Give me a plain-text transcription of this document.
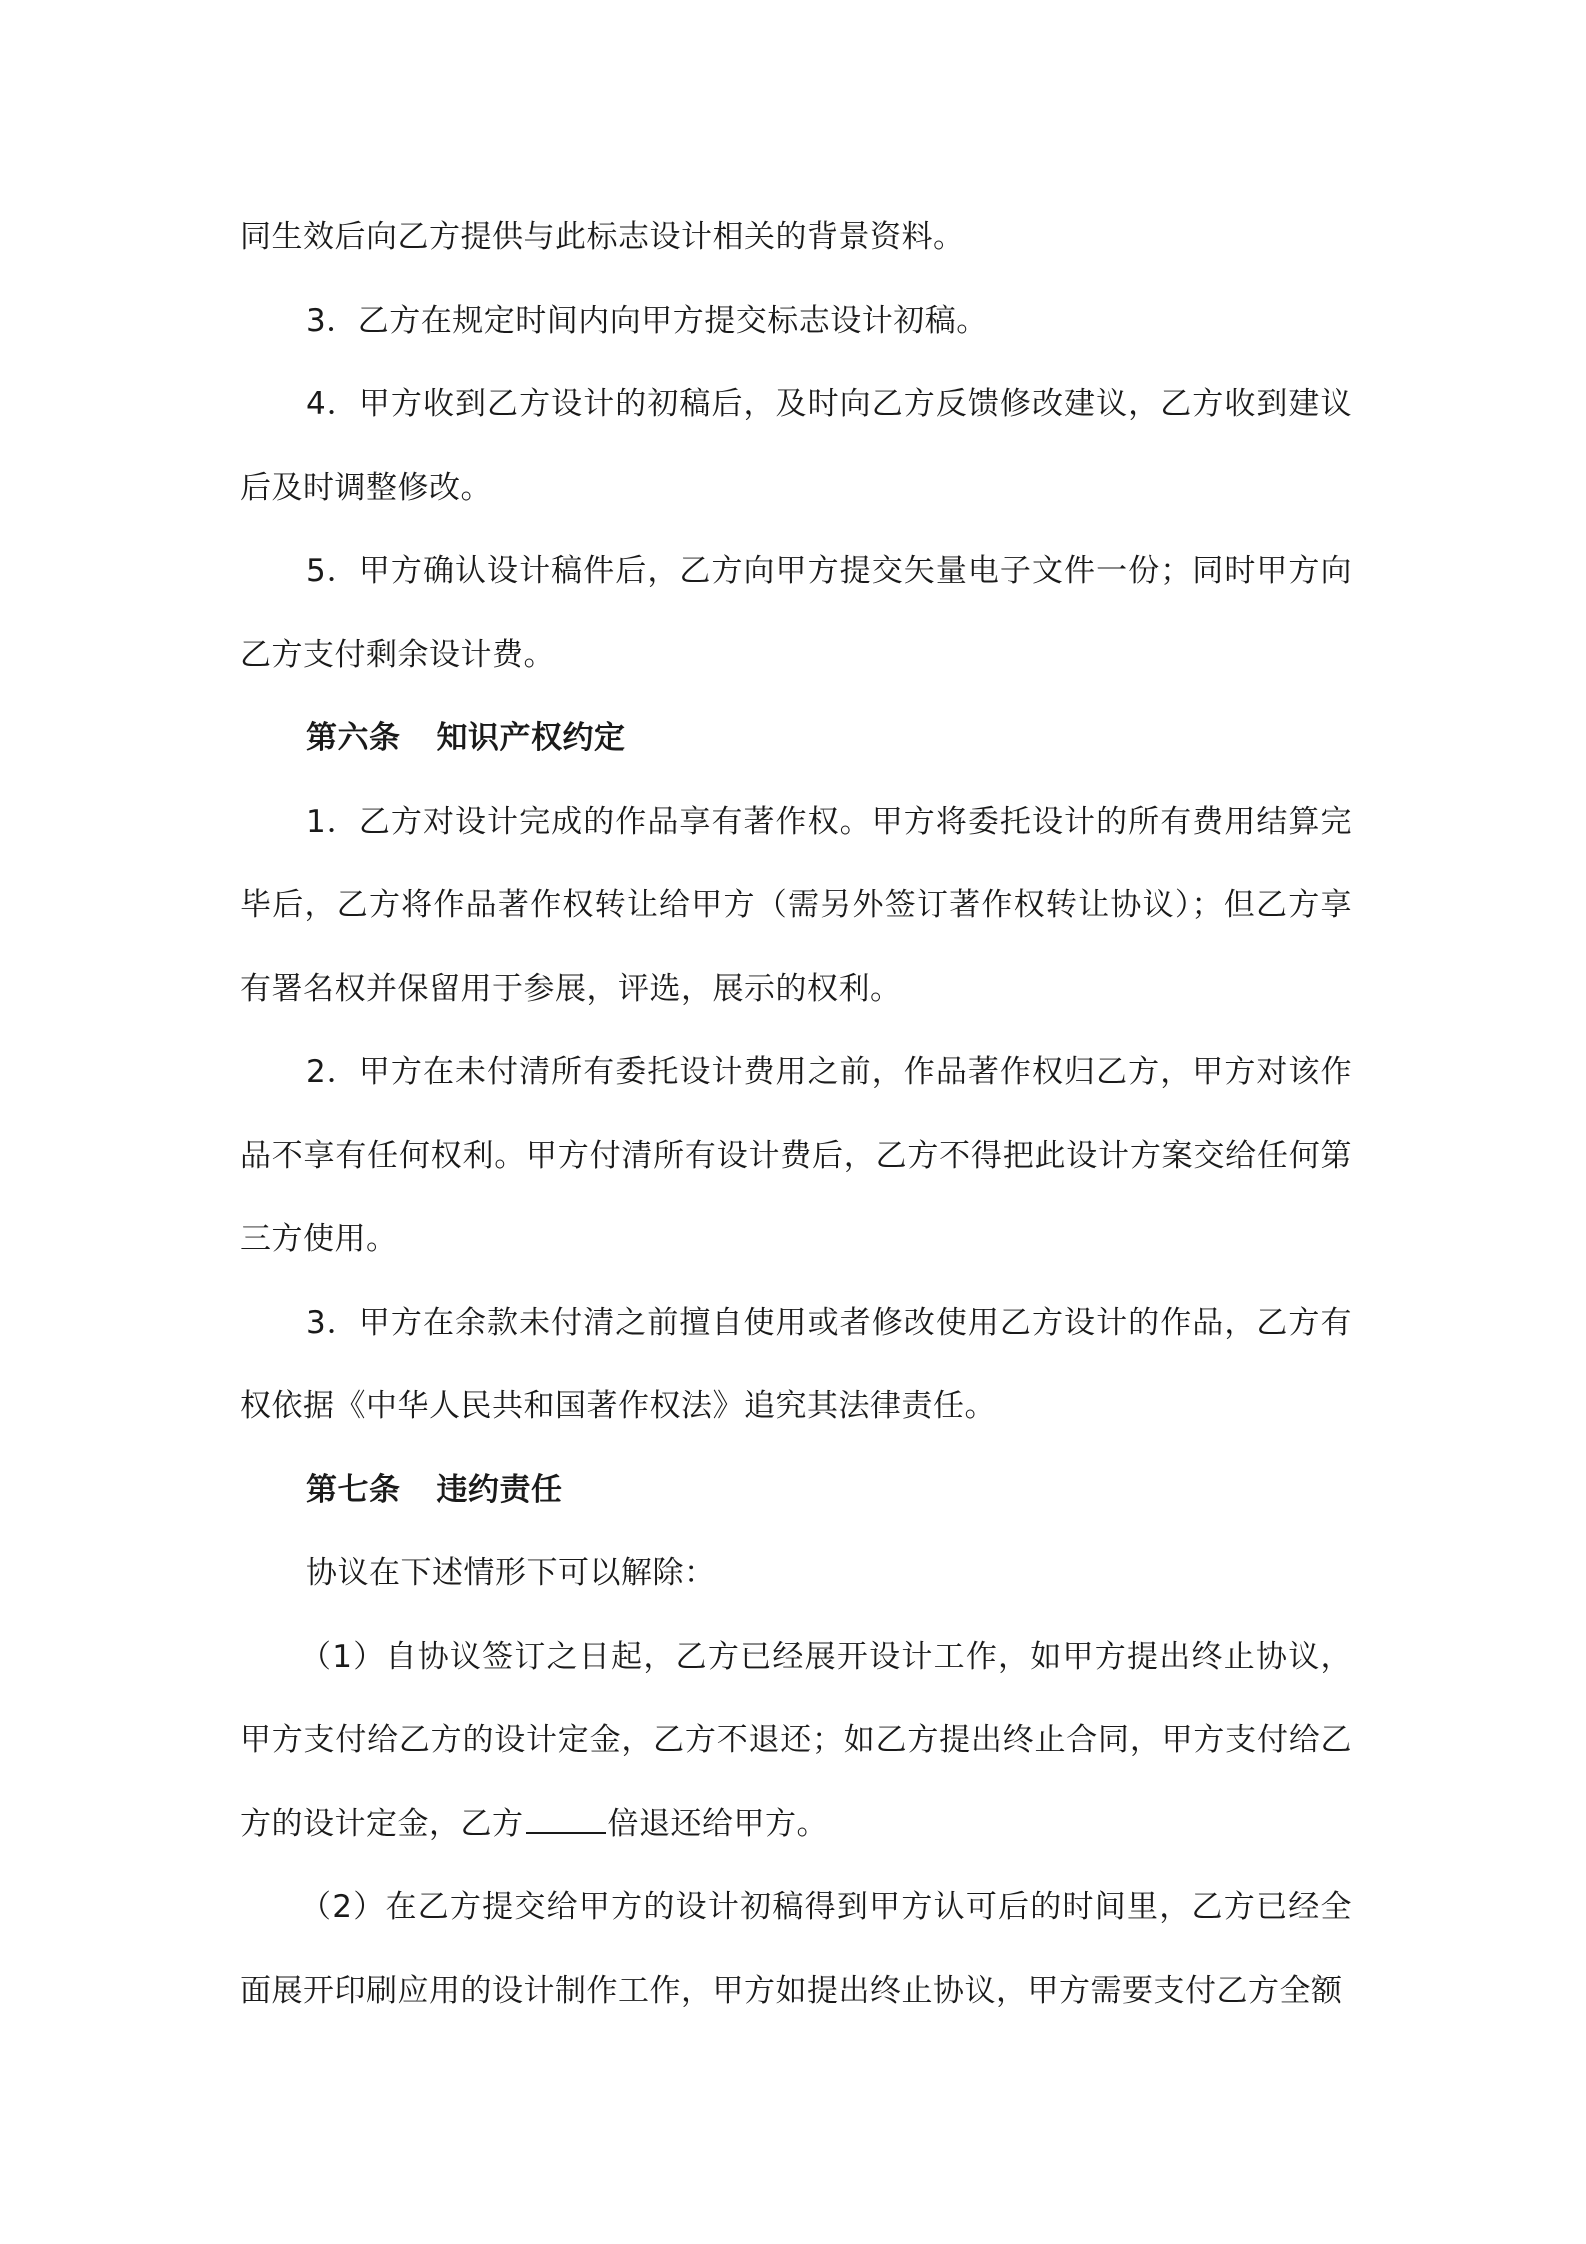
同生效后向乙方提供与此标志设计相关的背景资料。

3．乙方在规定时间内向甲方提交标志设计初稿。

4．甲方收到乙方设计的初稿后，及时向乙方反馈修改建议，乙方收到建议后及时调整修改。

5．甲方确认设计稿件后，乙方向甲方提交矢量电子文件一份；同时甲方向乙方支付剩余设计费。

第六条 知识产权约定

1．乙方对设计完成的作品享有著作权。甲方将委托设计的所有费用结算完毕后，乙方将作品著作权转让给甲方（需另外签订著作权转让协议）；但乙方享有署名权并保留用于参展，评选，展示的权利。

2．甲方在未付清所有委托设计费用之前，作品著作权归乙方，甲方对该作品不享有任何权利。甲方付清所有设计费后，乙方不得把此设计方案交给任何第三方使用。

3．甲方在余款未付清之前擅自使用或者修改使用乙方设计的作品，乙方有权依据《中华人民共和国著作权法》追究其法律责任。

第七条 违约责任

协议在下述情形下可以解除：

（1）自协议签订之日起，乙方已经展开设计工作，如甲方提出终止协议，甲方支付给乙方的设计定金，乙方不退还；如乙方提出终止合同，甲方支付给乙方的设计定金，乙方	倍退还给甲方。

（2）在乙方提交给甲方的设计初稿得到甲方认可后的时间里，乙方已经全面展开印刷应用的设计制作工作，甲方如提出终止协议，甲方需要支付乙方全额
